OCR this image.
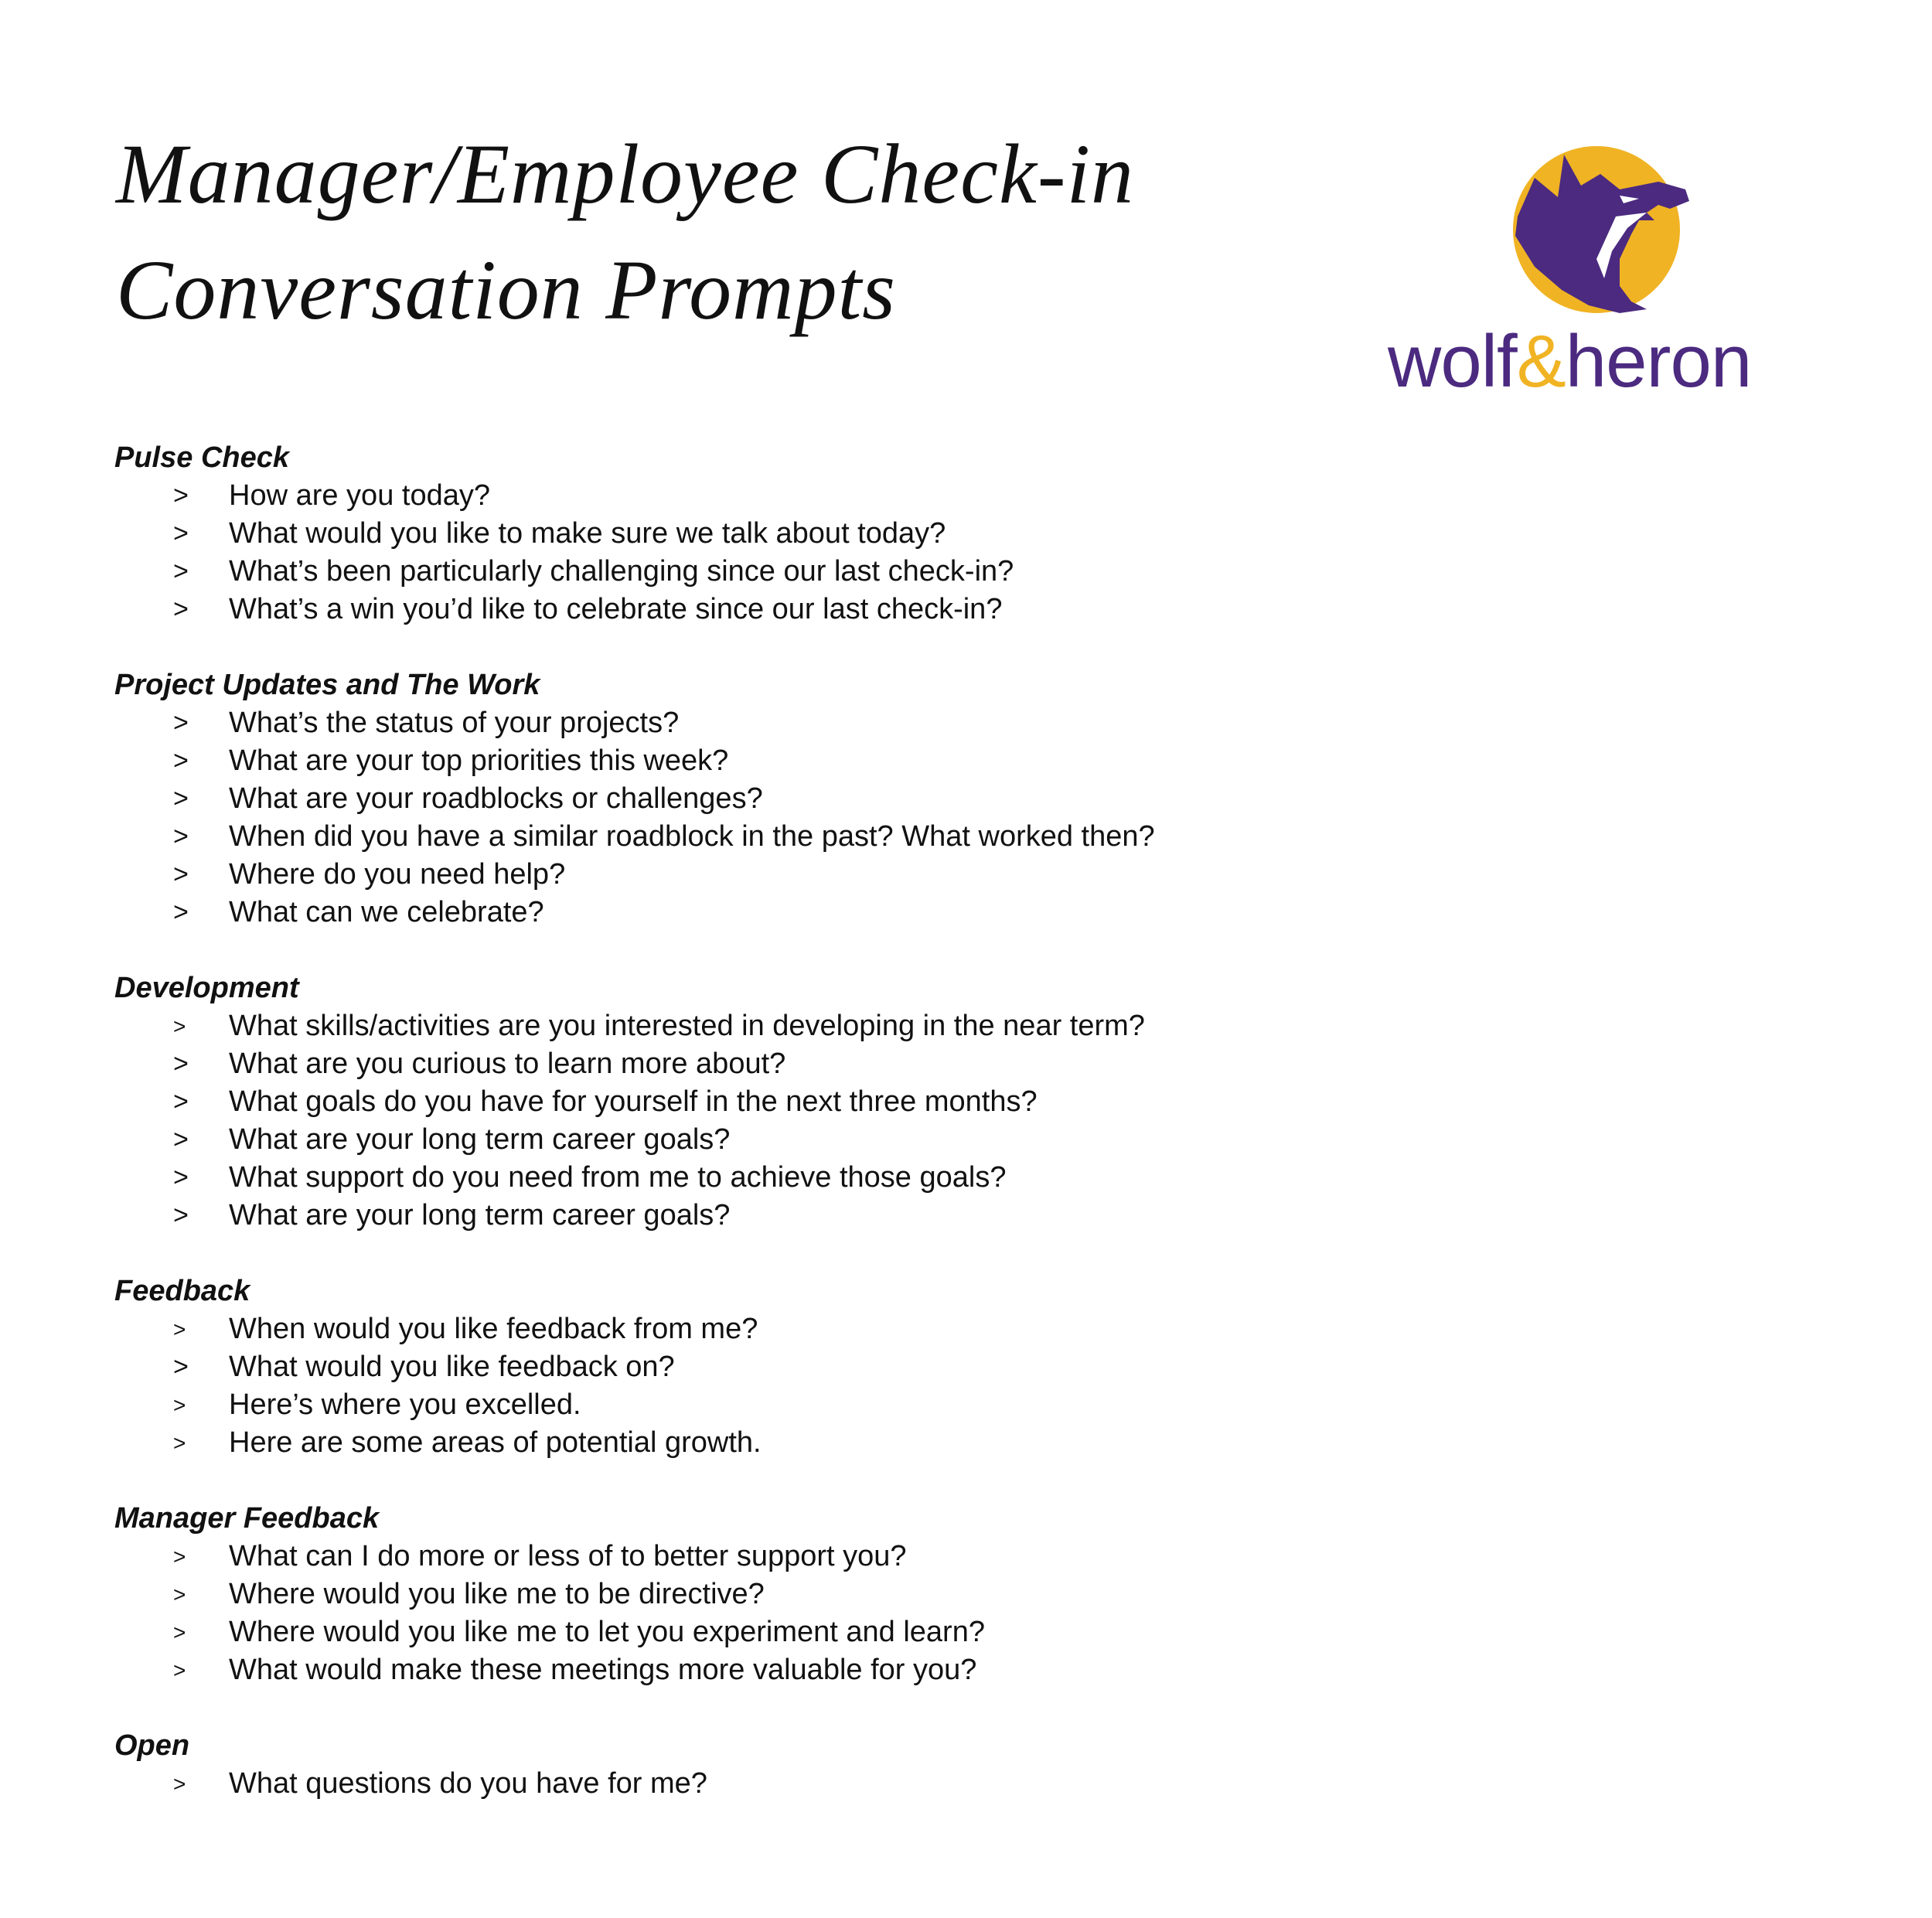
Manager/Employee Check-in
Conversation Prompts
wolf&heron
Pulse Check
> How are you today?
> What would you like to make sure we talk about today?
> What’s been particularly challenging since our last check-in?
> What’s a win you’d like to celebrate since our last check-in?
Project Updates and The Work
> What’s the status of your projects?
> What are your top priorities this week?
> What are your roadblocks or challenges?
> When did you have a similar roadblock in the past? What worked then?
> Where do you need help?
> What can we celebrate?
Development
> What skills/activities are you interested in developing in the near term?
> What are you curious to learn more about?
> What goals do you have for yourself in the next three months?
> What are your long term career goals?
> What support do you need from me to achieve those goals?
> What are your long term career goals?
Feedback
> When would you like feedback from me?
> What would you like feedback on?
> Here’s where you excelled.
> Here are some areas of potential growth.
Manager Feedback
> What can I do more or less of to better support you?
> Where would you like me to be directive?
> Where would you like me to let you experiment and learn?
> What would make these meetings more valuable for you?
Open
> What questions do you have for me?
